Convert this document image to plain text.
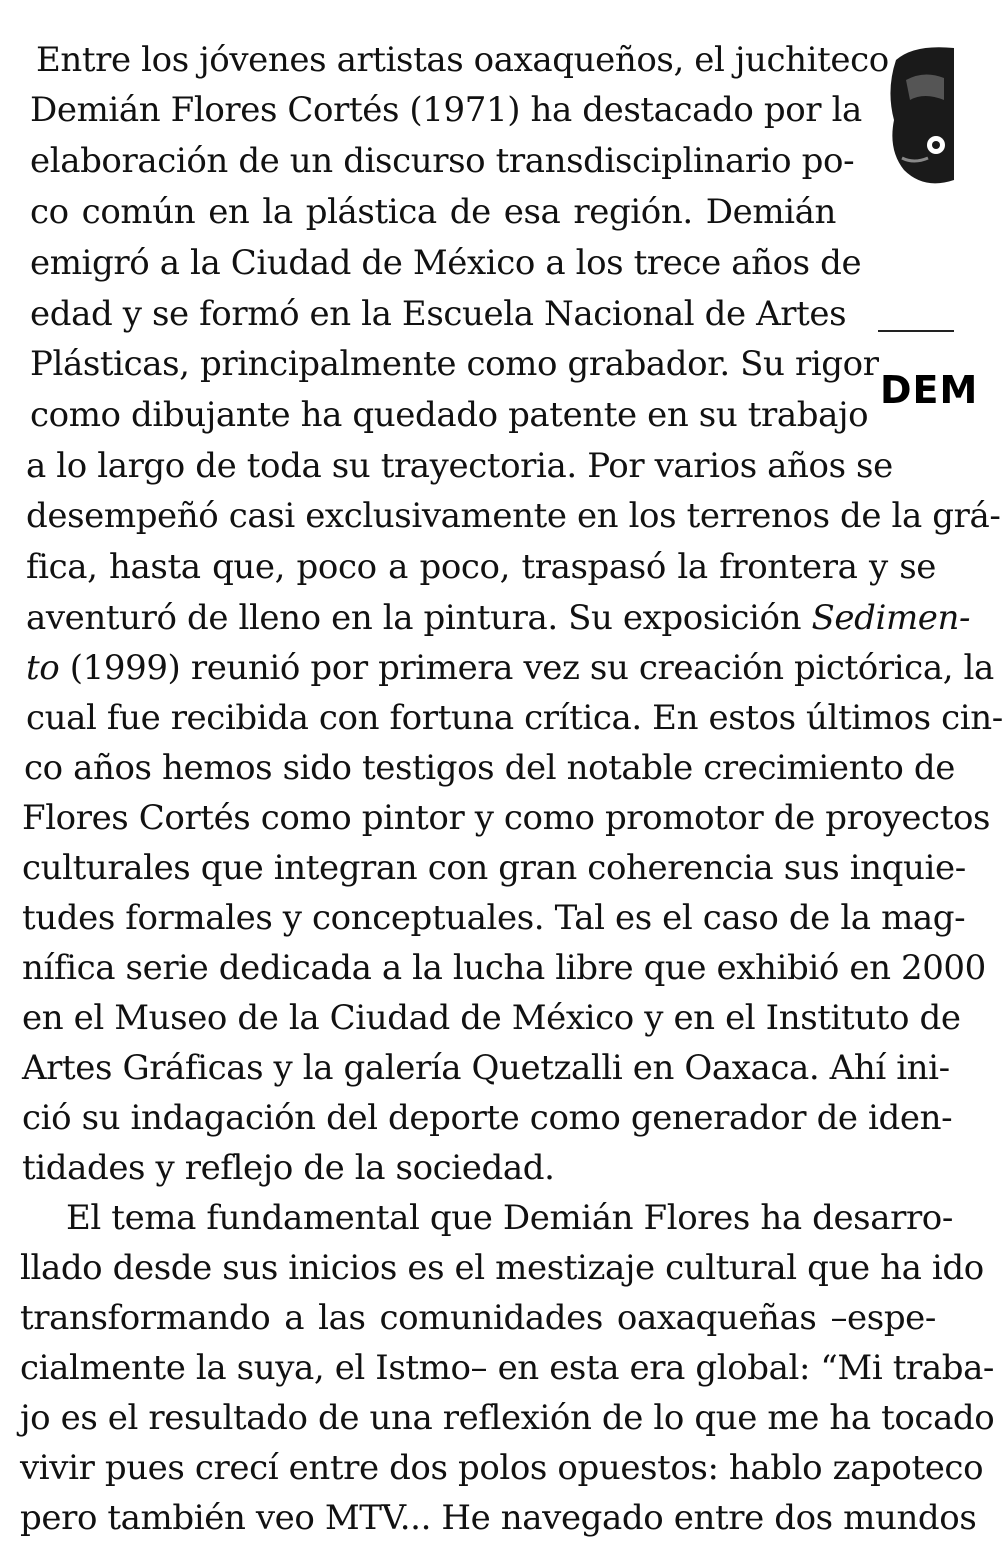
DEM
Entre los jóvenes artistas oaxaqueños, el juchiteco
Demián Flores Cortés (1971) ha destacado por la
elaboración de un discurso transdisciplinario po-
co común en la plástica de esa región. Demián
emigró a la Ciudad de México a los trece años de
edad y se formó en la Escuela Nacional de Artes
Plásticas, principalmente como grabador. Su rigor
como dibujante ha quedado patente en su trabajo
a lo largo de toda su trayectoria. Por varios años se
desempeñó casi exclusivamente en los terrenos de la grá-
fica, hasta que, poco a poco, traspasó la frontera y se
aventuró de lleno en la pintura. Su exposición Sedimen-
to (1999) reunió por primera vez su creación pictórica, la
cual fue recibida con fortuna crítica. En estos últimos cin-
co años hemos sido testigos del notable crecimiento de
Flores Cortés como pintor y como promotor de proyectos
culturales que integran con gran coherencia sus inquie-
tudes formales y conceptuales. Tal es el caso de la mag-
nífica serie dedicada a la lucha libre que exhibió en 2000
en el Museo de la Ciudad de México y en el Instituto de
Artes Gráficas y la galería Quetzalli en Oaxaca. Ahí ini-
ció su indagación del deporte como generador de iden-
tidades y reflejo de la sociedad.
El tema fundamental que Demián Flores ha desarro-
llado desde sus inicios es el mestizaje cultural que ha ido
transformando a las comunidades oaxaqueñas –espe-
cialmente la suya, el Istmo– en esta era global: “Mi traba-
jo es el resultado de una reflexión de lo que me ha tocado
vivir pues crecí entre dos polos opuestos: hablo zapoteco
pero también veo MTV... He navegado entre dos mundos
